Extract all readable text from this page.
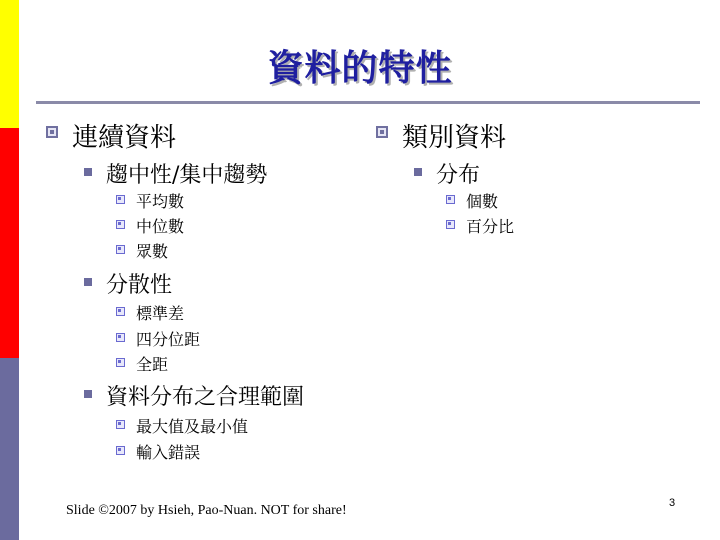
資料的特性
連續資料
趨中性/集中趨勢
平均數
中位數
眾數
分散性
標準差
四分位距
全距
資料分布之合理範圍
最大值及最小值
輸入錯誤
類別資料
分布
個數
百分比
Slide ©2007 by Hsieh, Pao-Nuan. NOT for share!	3
